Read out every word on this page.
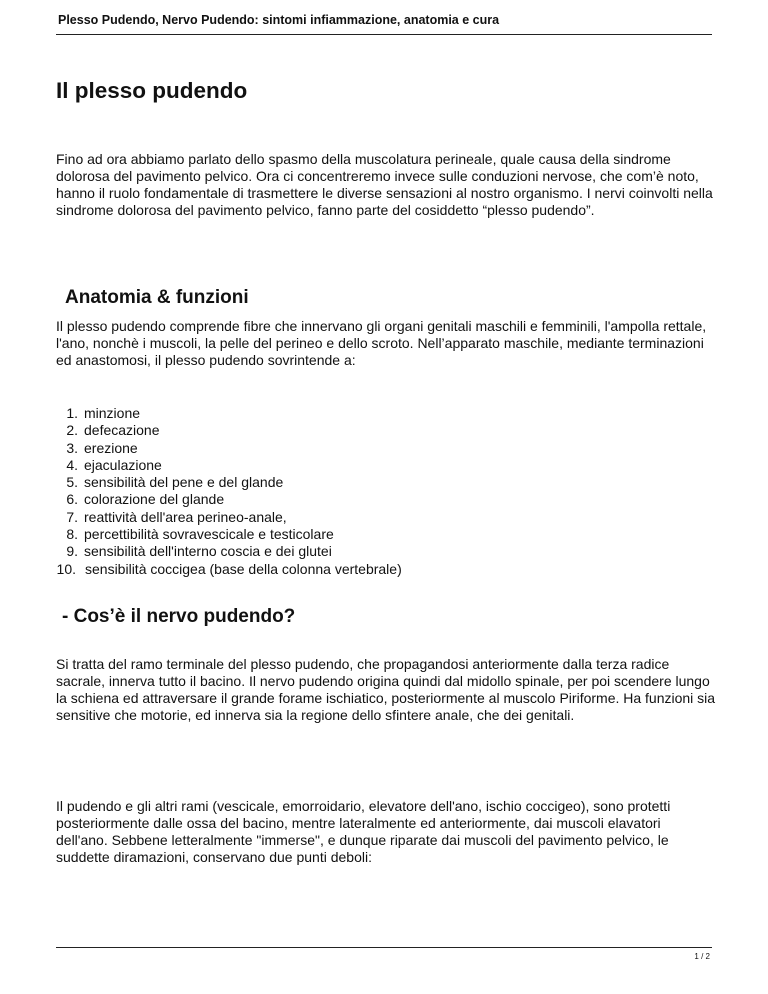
Plesso Pudendo, Nervo Pudendo: sintomi infiammazione, anatomia e cura
Il plesso pudendo

Fino ad ora abbiamo parlato dello spasmo della muscolatura perineale, quale causa della sindrome dolorosa del pavimento pelvico. Ora ci concentreremo invece sulle conduzioni nervose, che com’è noto, hanno il ruolo fondamentale di trasmettere le diverse sensazioni al nostro organismo. I nervi coinvolti nella sindrome dolorosa del pavimento pelvico, fanno parte del cosiddetto “plesso pudendo”.

Anatomia & funzioni

Il plesso pudendo comprende fibre che innervano gli organi genitali maschili e femminili, l'ampolla rettale, l'ano, nonchè i muscoli, la pelle del perineo e dello scroto. Nell’apparato maschile, mediante terminazioni ed anastomosi, il plesso pudendo sovrintende a:

1. minzione
2. defecazione
3. erezione
4. ejaculazione
5. sensibilità del pene e del glande
6. colorazione del glande
7. reattività dell'area perineo-anale,
8. percettibilità sovravescicale e testicolare
9. sensibilità dell'interno coscia e dei glutei
10. sensibilità coccigea (base della colonna vertebrale)
- Cos’è il nervo pudendo?

Si tratta del ramo terminale del plesso pudendo, che propagandosi anteriormente dalla terza radice sacrale, innerva tutto il bacino. Il nervo pudendo origina quindi dal midollo spinale, per poi scendere lungo la schiena ed attraversare il grande forame ischiatico, posteriormente al muscolo Piriforme. Ha funzioni sia sensitive che motorie, ed innerva sia la regione dello sfintere anale, che dei genitali.

Il pudendo e gli altri rami (vescicale, emorroidario, elevatore dell'ano, ischio coccigeo), sono protetti posteriormente dalle ossa del bacino, mentre lateralmente ed anteriormente, dai muscoli elavatori dell'ano. Sebbene letteralmente "immerse", e dunque riparate dai muscoli del pavimento pelvico, le suddette diramazioni, conservano due punti deboli:

1 / 2
